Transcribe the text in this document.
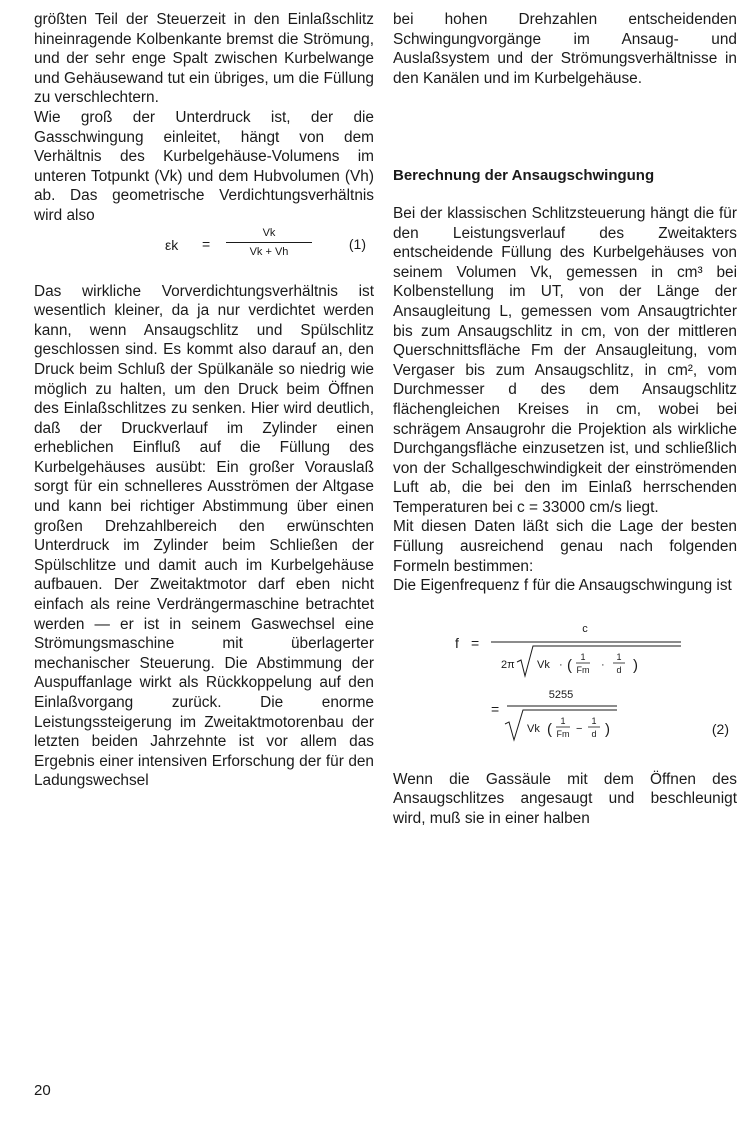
größten Teil der Steuerzeit in den Einlaßschlitz hineinragende Kolbenkante bremst die Strömung, und der sehr enge Spalt zwischen Kurbelwange und Gehäusewand tut ein übriges, um die Füllung zu verschlechtern.

Wie groß der Unterdruck ist, der die Gasschwingung einleitet, hängt von dem Verhältnis des Kurbelgehäuse-Volumens im unteren Totpunkt (Vk) und dem Hubvolumen (Vh) ab. Das geometrische Verdichtungsverhältnis wird also

εk =
Vk
Vk + Vh	(1)

Das wirkliche Vorverdichtungsverhältnis ist wesentlich kleiner, da ja nur verdichtet werden kann, wenn Ansaugschlitz und Spülschlitz geschlossen sind. Es kommt also darauf an, den Druck beim Schluß der Spülkanäle so niedrig wie möglich zu halten, um den Druck beim Öffnen des Einlaßschlitzes zu senken. Hier wird deutlich, daß der Druckverlauf im Zylinder einen erheblichen Einfluß auf die Füllung des Kurbelgehäuses ausübt: Ein großer Vorauslaß sorgt für ein schnelleres Ausströmen der Altgase und kann bei richtiger Abstimmung über einen großen Drehzahlbereich den erwünschten Unterdruck im Zylinder beim Schließen der Spülschlitze und damit auch im Kurbelgehäuse aufbauen. Der Zweitaktmotor darf eben nicht einfach als reine Verdrängermaschine betrachtet werden — er ist in seinem Gaswechsel eine Strömungsmaschine mit überlagerter mechanischer Steuerung. Die Abstimmung der Auspuffanlage wirkt als Rückkoppelung auf den Einlaßvorgang zurück. Die enorme Leistungssteigerung im Zweitaktmotorenbau der letzten beiden Jahrzehnte ist vor allem das Ergebnis einer intensiven Erforschung der für den Ladungswechsel

bei hohen Drehzahlen entscheidenden Schwingungvorgänge im Ansaug- und Auslaßsystem und der Strömungsverhältnisse in den Kanälen und im Kurbelgehäuse.

Berechnung der Ansaugschwingung

Bei der klassischen Schlitzsteuerung hängt die für den Leistungsverlauf des Zweitakters entscheidende Füllung des Kurbelgehäuses von seinem Volumen Vk, gemessen in cm³ bei Kolbenstellung im UT, von der Länge der Ansaugleitung L, gemessen vom Ansaugtrichter bis zum Ansaugschlitz in cm, von der mittleren Querschnittsfläche Fm der Ansaugleitung, vom Vergaser bis zum Ansaugschlitz, in cm², vom Durchmesser d des dem Ansaugschlitz flächengleichen Kreises in cm, wobei bei schrägem Ansaugrohr die Projektion als wirkliche Durchgangsfläche einzusetzen ist, und schließlich von der Schallgeschwindigkeit der einströmenden Luft ab, die bei den im Einlaß herrschenden Temperaturen bei c = 33000 cm/s liegt.

Mit diesen Daten läßt sich die Lage der besten Füllung ausreichend genau nach folgenden Formeln bestimmen:

Die Eigenfrequenz f für die Ansaugschwingung ist

f =
c
2π Vk · ( 1
Fm ·
1
d )
=
5255
Vk ( 1
Fm −
1
d )	(2)

Wenn die Gassäule mit dem Öffnen des Ansaugschlitzes angesaugt und beschleunigt wird, muß sie in einer halben

20
